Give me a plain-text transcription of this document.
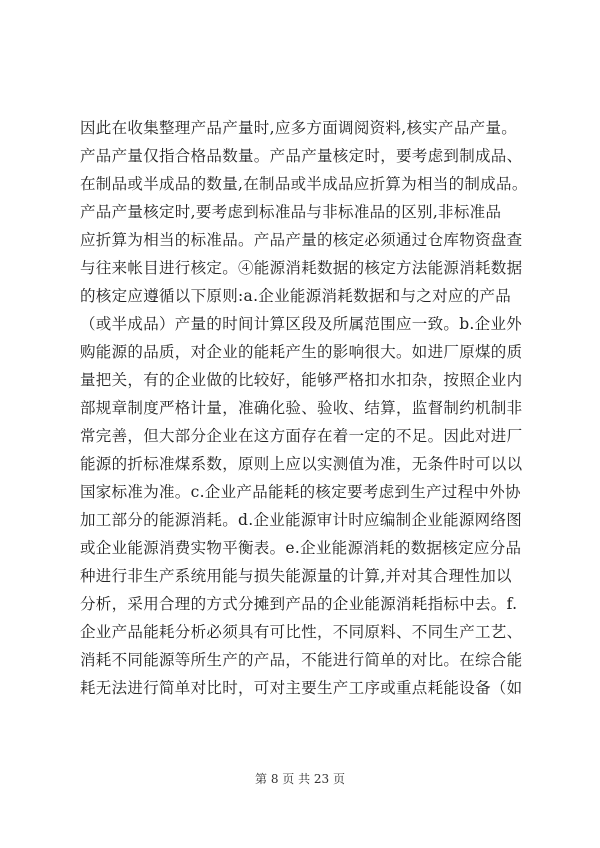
因此在收集整理产品产量时,应多方面调阅资料,核实产品产量。
产品产量仅指合格品数量。产品产量核定时，要考虑到制成品、
在制品或半成品的数量,在制品或半成品应折算为相当的制成品。
产品产量核定时,要考虑到标准品与非标准品的区别,非标准品
应折算为相当的标准品。产品产量的核定必须通过仓库物资盘查
与往来帐目进行核定。④能源消耗数据的核定方法能源消耗数据
的核定应遵循以下原则:a.企业能源消耗数据和与之对应的产品
（或半成品）产量的时间计算区段及所属范围应一致。b.企业外
购能源的品质，对企业的能耗产生的影响很大。如进厂原煤的质
量把关，有的企业做的比较好，能够严格扣水扣杂，按照企业内
部规章制度严格计量，准确化验、验收、结算，监督制约机制非
常完善，但大部分企业在这方面存在着一定的不足。因此对进厂
能源的折标准煤系数，原则上应以实测值为准，无条件时可以以
国家标准为准。c.企业产品能耗的核定要考虑到生产过程中外协
加工部分的能源消耗。d.企业能源审计时应编制企业能源网络图
或企业能源消费实物平衡表。e.企业能源消耗的数据核定应分品
种进行非生产系统用能与损失能源量的计算,并对其合理性加以
分析，采用合理的方式分摊到产品的企业能源消耗指标中去。f.
企业产品能耗分析必须具有可比性，不同原料、不同生产工艺、
消耗不同能源等所生产的产品，不能进行简单的对比。在综合能
耗无法进行简单对比时，可对主要生产工序或重点耗能设备（如
第 8 页 共 23 页
